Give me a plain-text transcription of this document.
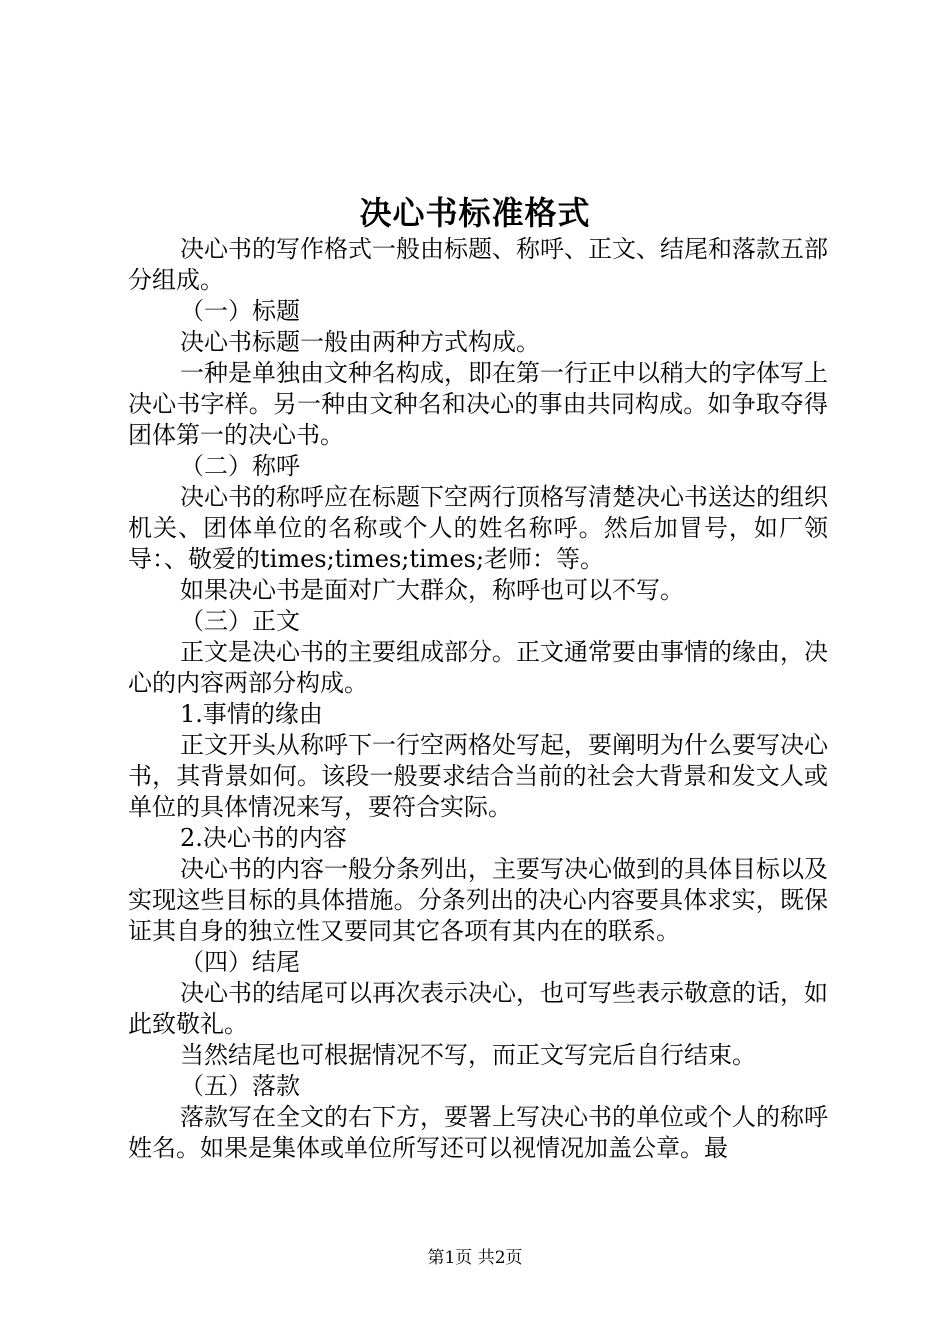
决心书标准格式

决心书的写作格式一般由标题、称呼、正文、结尾和落款五部分组成。

（一）标题

决心书标题一般由两种方式构成。

一种是单独由文种名构成，即在第一行正中以稍大的字体写上决心书字样。另一种由文种名和决心的事由共同构成。如争取夺得团体第一的决心书。

（二）称呼

决心书的称呼应在标题下空两行顶格写清楚决心书送达的组织机关、团体单位的名称或个人的姓名称呼。然后加冒号，如厂领导：、敬爱的times;times;times;老师：等。

如果决心书是面对广大群众，称呼也可以不写。

（三）正文

正文是决心书的主要组成部分。正文通常要由事情的缘由，决心的内容两部分构成。

1.事情的缘由

正文开头从称呼下一行空两格处写起，要阐明为什么要写决心书，其背景如何。该段一般要求结合当前的社会大背景和发文人或单位的具体情况来写，要符合实际。

2.决心书的内容

决心书的内容一般分条列出，主要写决心做到的具体目标以及实现这些目标的具体措施。分条列出的决心内容要具体求实，既保证其自身的独立性又要同其它各项有其内在的联系。

（四）结尾

决心书的结尾可以再次表示决心，也可写些表示敬意的话，如此致敬礼。

当然结尾也可根据情况不写，而正文写完后自行结束。

（五）落款

落款写在全文的右下方，要署上写决心书的单位或个人的称呼姓名。如果是集体或单位所写还可以视情况加盖公章。最

第1页 共2页
